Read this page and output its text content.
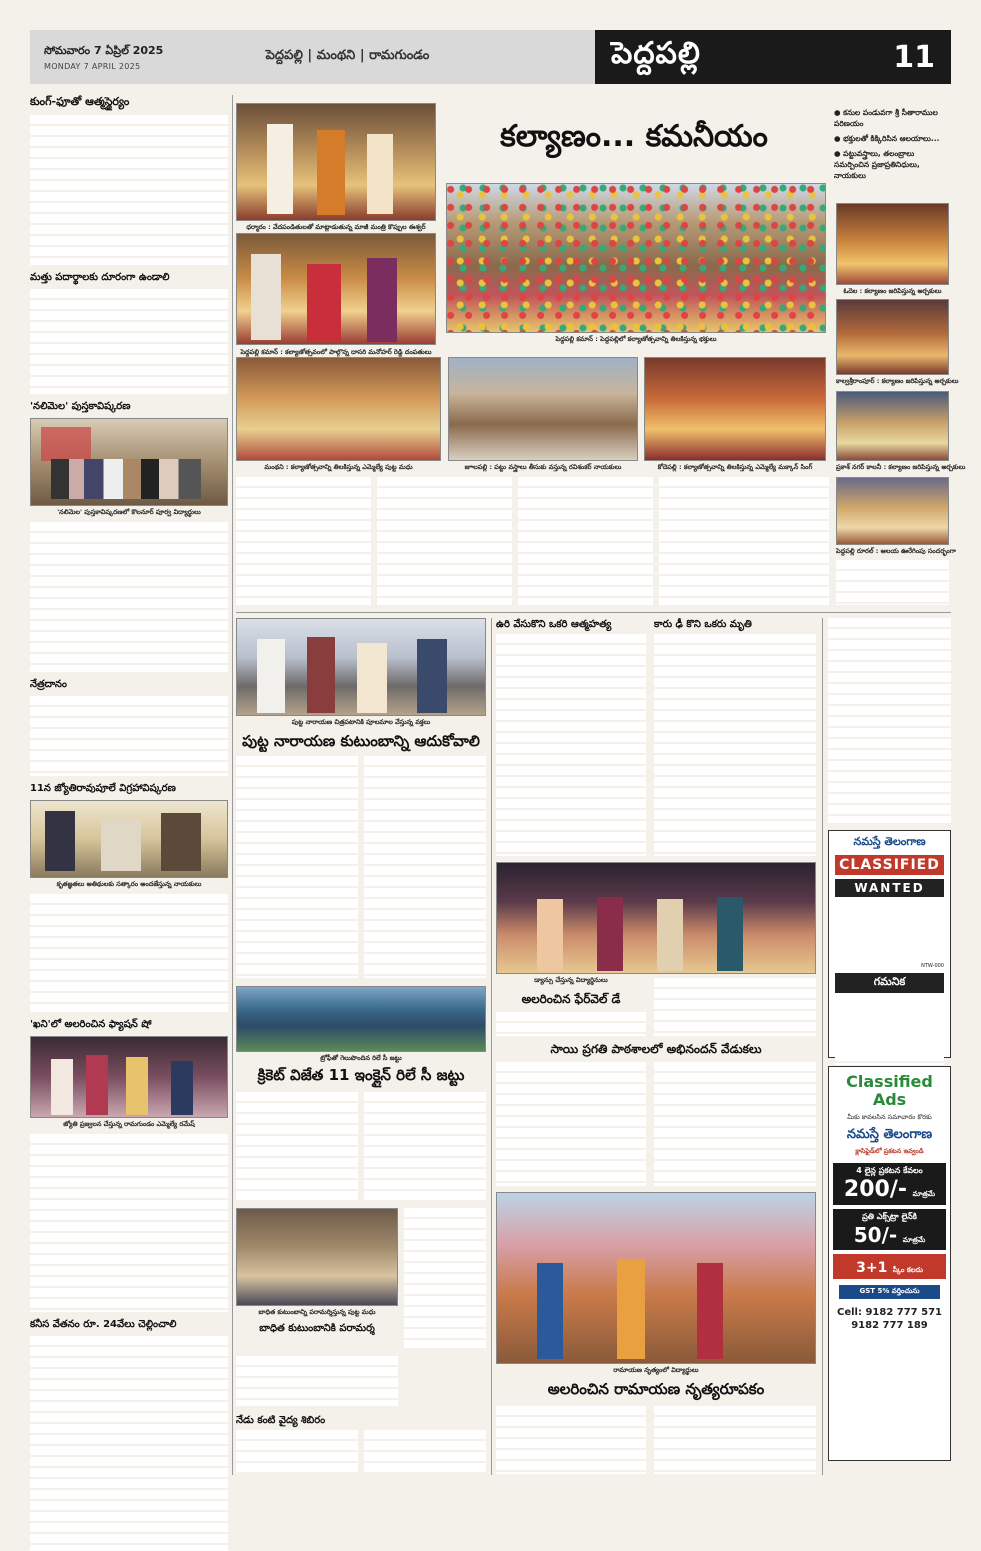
సోమవారం 7 ఏప్రిల్ 2025
MONDAY 7 APRIL 2025
పెద్దపల్లి | మంథని | రామగుండం	పెద్దపల్లి	11
కుంగ్-ఫూతో ఆత్మస్థైర్యం
మత్తు పదార్థాలకు దూరంగా ఉండాలి
'నలిమెల' పుస్తకావిష్కరణ
'నలిమెల' పుస్తకావిష్కరణలో కొలనూర్ పూర్వ విద్యార్థులు
నేత్రదానం
11న జ్యోతిరావుపూలే విగ్రహావిష్కరణ
కృతజ్ఞతలు అతిథులకు సత్కారం అందజేస్తున్న నాయకులు
'ఖని'లో అలరించిన ఫ్యాషన్ షో
జ్యోతి ప్రజ్వలన చేస్తున్న రామగుండం ఎమ్మెల్యే రమేష్
కనీస వేతనం రూ. 24వేలు చెల్లించాలి
ధర్మారం : వేదపండితులతో మాట్లాడుతున్న మాజీ మంత్రి కొప్పుల ఈశ్వర్
పెద్దపల్లి కమాన్ : కల్యాణోత్సవంలో పాల్గొన్న దాసరి మనోహర్ రెడ్డి దంపతులు
కల్యాణం... కమనీయం
పెద్దపల్లి కమాన్ : పెద్దపల్లిలో కల్యాణోత్సవాన్ని తిలకిస్తున్న భక్తులు
● కనుల పండువగా శ్రీ సీతారాముల పరిణయం
● భక్తులతో కిక్కిరిసిన ఆలయాలు...
● పట్టువస్త్రాలు, తలంబ్రాలు సమర్పించిన ప్రజాప్రతినిధులు, నాయకులు
ఓదెల : కల్యాణం జరిపిస్తున్న అర్చకులు
కాల్వశ్రీరాంపూర్ : కల్యాణం జరిపిస్తున్న అర్చకులు
మంథని : కల్యాణోత్సవాన్ని తిలకిస్తున్న ఎమ్మెల్యే పుట్ట మధు	జూలపల్లి : పట్టు వస్త్రాలు తీసుకు వస్తున్న రవిశంకర్ నాయకులు	కోదెపల్లి : కల్యాణోత్సవాన్ని తిలకిస్తున్న ఎమ్మెల్యే మక్కాన్ సింగ్	ప్రకాశ్ నగర్ కాలనీ : కల్యాణం జరిపిస్తున్న అర్చకులు
పెద్దపల్లి రూరల్ : ఆలయ ఊరేగింపు సందర్భంగా
పుట్ట నారాయణ చిత్రపటానికి పూలమాల వేస్తున్న వక్తలు
పుట్ట నారాయణ కుటుంబాన్ని ఆదుకోవాలి
ట్రోఫీతో గెలుపొందిన రిలే సీ జట్టు
క్రికెట్ విజేత 11 ఇంక్లైన్ రిలే సీ జట్టు
బాధిత కుటుంబాన్ని పరామర్శిస్తున్న పుట్ట మధు
బాధిత కుటుంబానికి పరామర్శ
నేడు కంటి వైద్య శిబిరం
ఉరి వేసుకొని ఒకరి ఆత్మహత్య	కారు ఢీ కొని ఒకరు మృతి
డ్యాన్సు చేస్తున్న విద్యార్థినులు
అలరించిన ఫేర్‌వెల్ డే
సాయి ప్రగతి పాఠశాలలో అభినందన్ వేడుకలు
రామాయణ నృత్యంలో విద్యార్థులు
అలరించిన రామాయణ నృత్యరూపకం
నమస్తే తెలంగాణ
CLASSIFIED
WANTED
NTW-000
గమనిక
Classified Ads
మీకు కావలసిన సమాచారం కొరకు
నమస్తే తెలంగాణ
క్లాసిఫైడ్‌లో ప్రకటన ఇవ్వండి
4 లైన్ల ప్రకటన కేవలం
200/- మాత్రమే
ప్రతి ఎక్స్‌ట్రా లైన్‌కి
50/- మాత్రమే
3+1 స్కీం కలదు
GST 5% వర్తించును
Cell: 9182 777 571
9182 777 189
